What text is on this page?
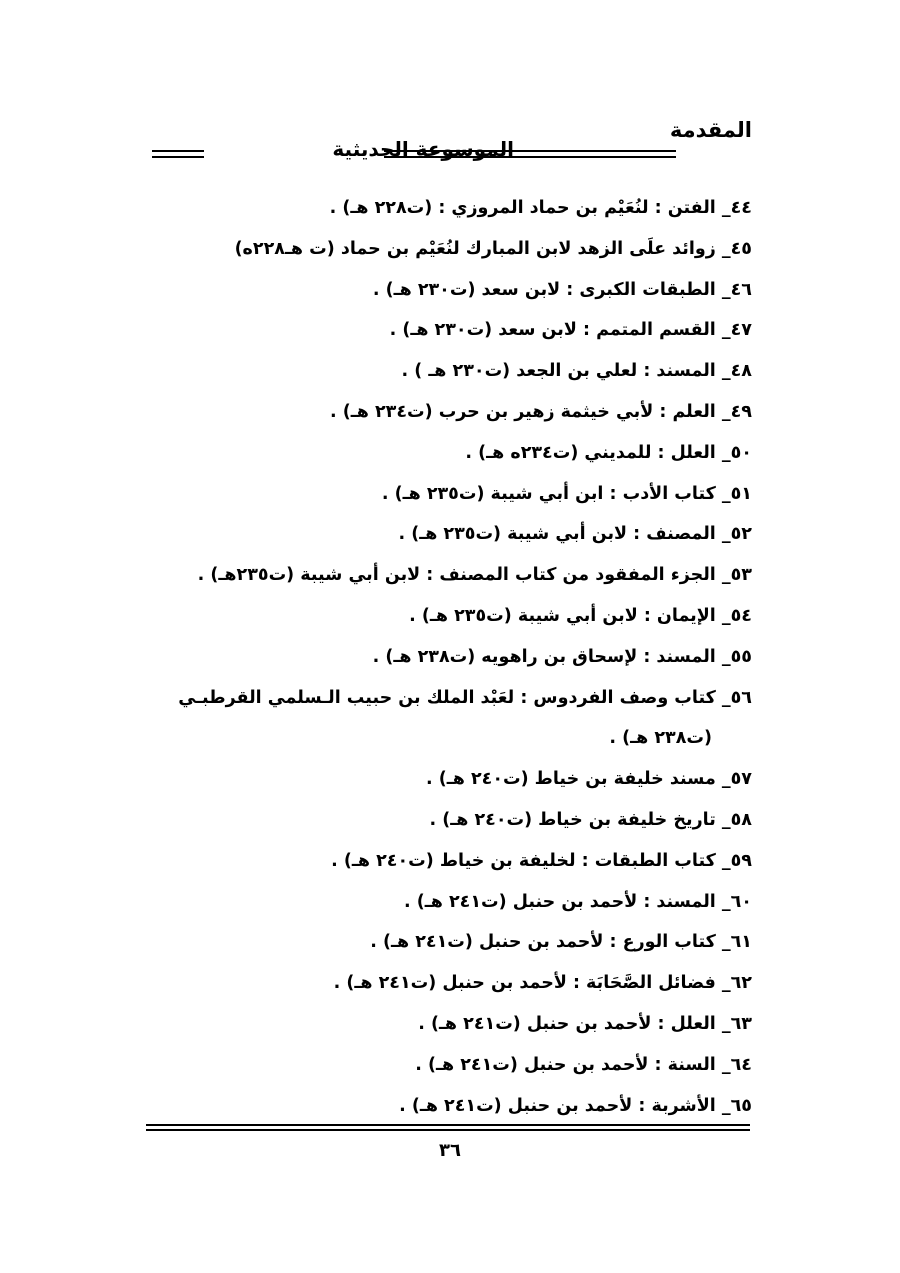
المقدمة
الموسوعة الحديثية
٤٤_ الفتن : لنُعَيْم بن حماد المروزي : (ت٢٢٨ هـ) .
٤٥_ زوائد علَى الزهد لابن المبارك لنُعَيْم بن حماد (ت هـ٢٢٨ه)
٤٦_ الطبقات الكبرى : لابن سعد (ت٢٣٠ هـ) .
٤٧_ القسم المتمم : لابن سعد (ت٢٣٠ هـ) .
٤٨_ المسند : لعلي بن الجعد (ت٢٣٠ هـ ) .
٤٩_ العلم : لأبي خيثمة زهير بن حرب (ت٢٣٤ هـ) .
٥٠_ العلل : للمديني (ت٢٣٤ه هـ) .
٥١_ كتاب الأدب : ابن أبي شيبة (ت٢٣٥ هـ) .
٥٢_ المصنف : لابن أبي شيبة (ت٢٣٥ هـ) .
٥٣_ الجزء المفقود من كتاب المصنف : لابن أبي شيبة (ت٢٣٥هـ) .
٥٤_ الإيمان : لابن أبي شيبة (ت٢٣٥ هـ) .
٥٥_ المسند : لإسحاق بن راهويه (ت٢٣٨ هـ) .
٥٦_ كتاب وصف الفردوس : لعَبْد الملك بن حبيب الـسلمي القرطبـي
(ت٢٣٨ هـ) .
٥٧_ مسند خليفة بن خياط (ت٢٤٠ هـ) .
٥٨_ تاريخ خليفة بن خياط (ت٢٤٠ هـ) .
٥٩_ كتاب الطبقات : لخليفة بن خياط (ت٢٤٠ هـ) .
٦٠_ المسند : لأحمد بن حنبل (ت٢٤١ هـ) .
٦١_ كتاب الورع : لأحمد بن حنبل (ت٢٤١ هـ) .
٦٢_ فضائل الصَّحَابَة : لأحمد بن حنبل (ت٢٤١ هـ) .
٦٣_ العلل : لأحمد بن حنبل (ت٢٤١ هـ) .
٦٤_ السنة : لأحمد بن حنبل (ت٢٤١ هـ) .
٦٥_ الأشربة : لأحمد بن حنبل (ت٢٤١ هـ) .
٣٦
